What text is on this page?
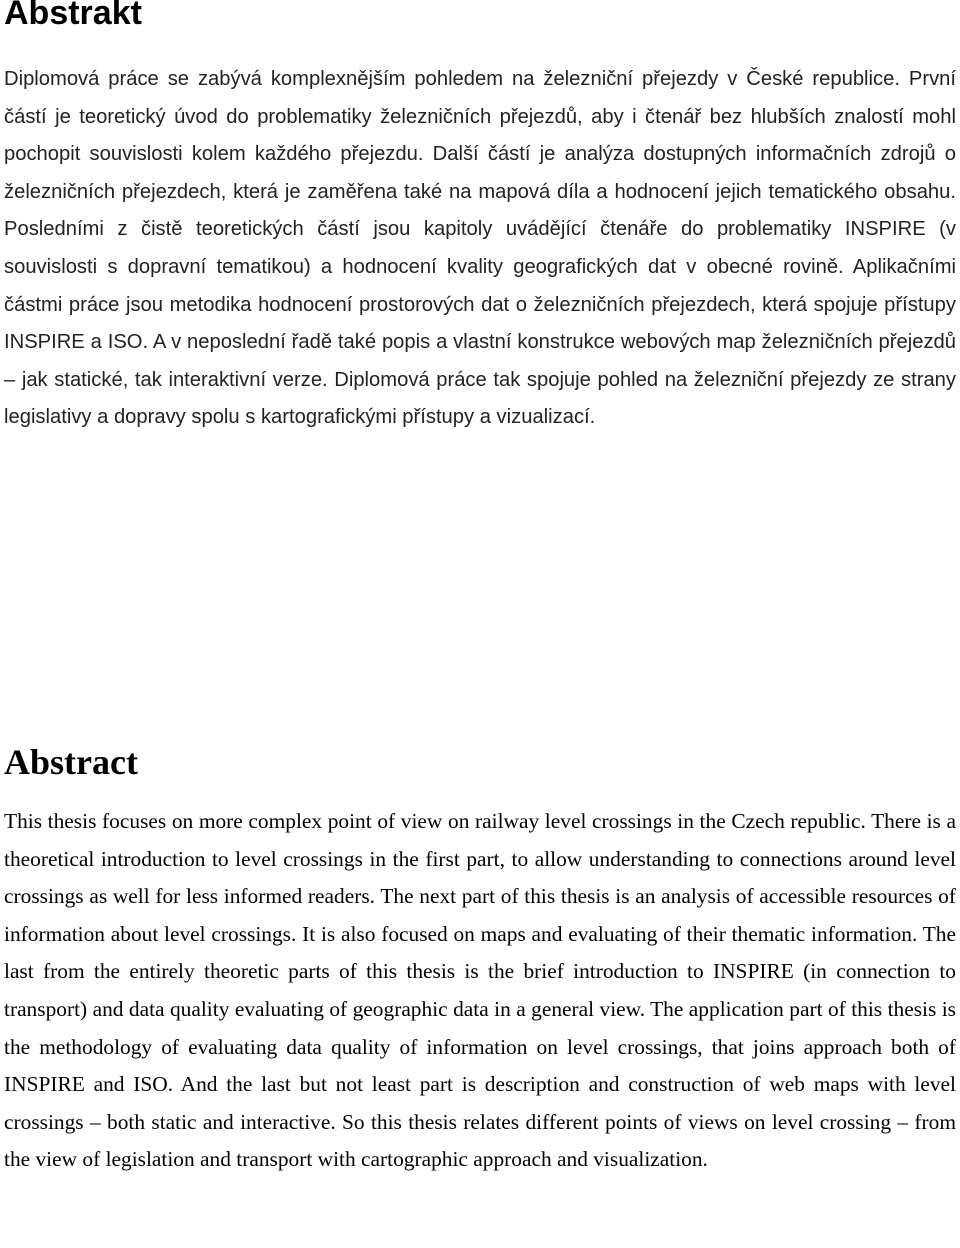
Abstrakt

Diplomová práce se zabývá komplexnějším pohledem na železniční přejezdy v České republice. První částí je teoretický úvod do problematiky železničních přejezdů, aby i čtenář bez hlubších znalostí mohl pochopit souvislosti kolem každého přejezdu. Další částí je analýza dostupných informačních zdrojů o železničních přejezdech, která je zaměřena také na mapová díla a hodnocení jejich tematického obsahu. Posledními z čistě teoretických částí jsou kapitoly uvádějící čtenáře do problematiky INSPIRE (v souvislosti s dopravní tematikou) a hodnocení kvality geografických dat v obecné rovině. Aplikačními částmi práce jsou metodika hodnocení prostorových dat o železničních přejezdech, která spojuje přístupy INSPIRE a ISO. A v neposlední řadě také popis a vlastní konstrukce webových map železničních přejezdů – jak statické, tak interaktivní verze. Diplomová práce tak spojuje pohled na železniční přejezdy ze strany legislativy a dopravy spolu s kartografickými přístupy a vizualizací.

Abstract

This thesis focuses on more complex point of view on railway level crossings in the Czech republic. There is a theoretical introduction to level crossings in the first part, to allow understanding to connections around level crossings as well for less informed readers. The next part of this thesis is an analysis of accessible resources of information about level crossings. It is also focused on maps and evaluating of their thematic information. The last from the entirely theoretic parts of this thesis is the brief introduction to INSPIRE (in connection to transport) and data quality evaluating of geographic data in a general view. The application part of this thesis is the methodology of evaluating data quality of information on level crossings, that joins approach both of INSPIRE and ISO. And the last but not least part is description and construction of web maps with level crossings – both static and interactive. So this thesis relates different points of views on level crossing – from the view of legislation and transport with cartographic approach and visualization.
